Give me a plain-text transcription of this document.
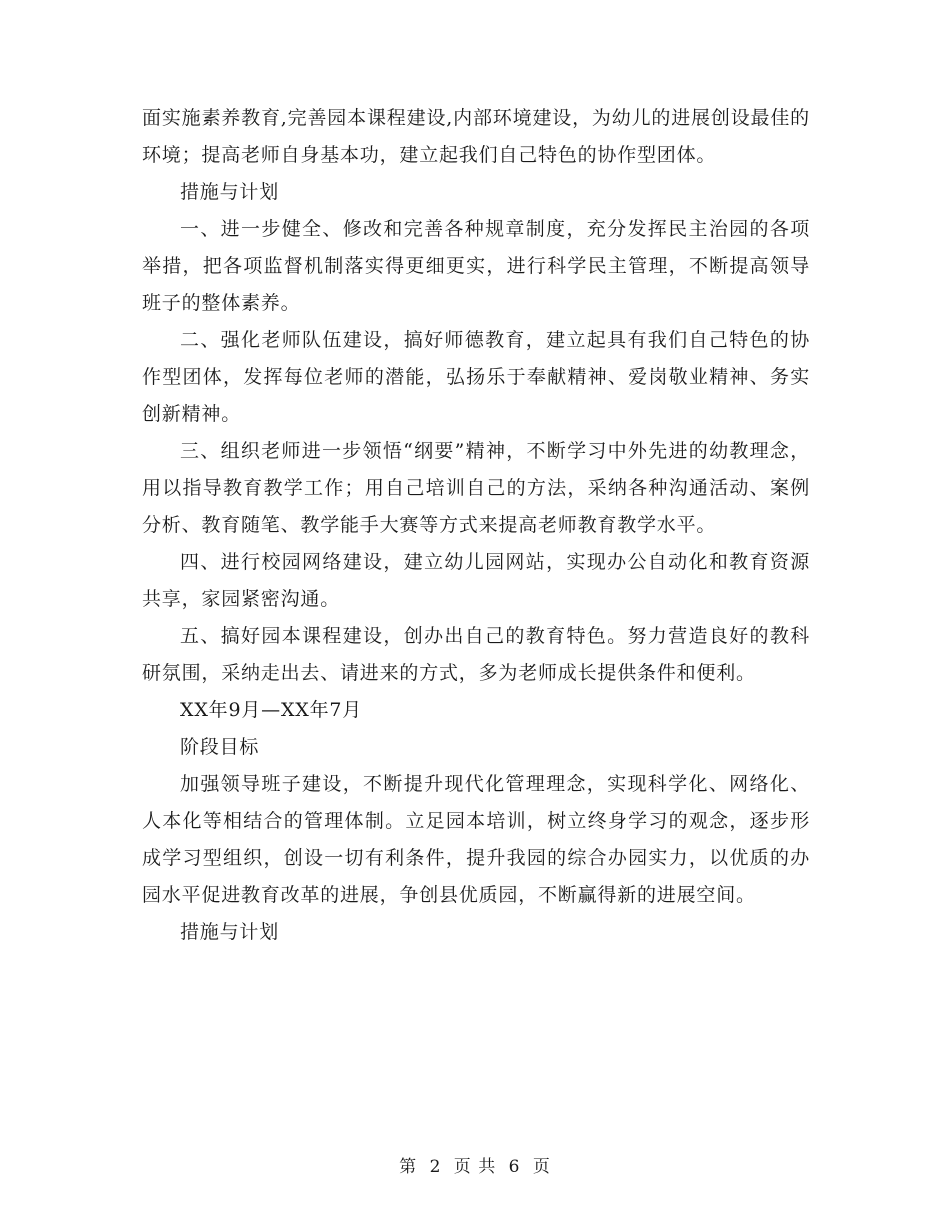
面实施素养教育,完善园本课程建设,内部环境建设，为幼儿的进展创设最佳的环境；提高老师自身基本功，建立起我们自己特色的协作型团体。

措施与计划

一、进一步健全、修改和完善各种规章制度，充分发挥民主治园的各项举措，把各项监督机制落实得更细更实，进行科学民主管理，不断提高领导班子的整体素养。

二、强化老师队伍建设，搞好师德教育，建立起具有我们自己特色的协作型团体，发挥每位老师的潜能，弘扬乐于奉献精神、爱岗敬业精神、务实创新精神。

三、组织老师进一步领悟“纲要”精神，不断学习中外先进的幼教理念，用以指导教育教学工作；用自己培训自己的方法，采纳各种沟通活动、案例分析、教育随笔、教学能手大赛等方式来提高老师教育教学水平。

四、进行校园网络建设，建立幼儿园网站，实现办公自动化和教育资源共享，家园紧密沟通。

五、搞好园本课程建设，创办出自己的教育特色。努力营造良好的教科研氛围，采纳走出去、请进来的方式，多为老师成长提供条件和便利。

XX年9月—XX年7月

阶段目标

加强领导班子建设，不断提升现代化管理理念，实现科学化、网络化、人本化等相结合的管理体制。立足园本培训，树立终身学习的观念，逐步形成学习型组织，创设一切有利条件，提升我园的综合办园实力，以优质的办园水平促进教育改革的进展，争创县优质园，不断赢得新的进展空间。

措施与计划

第 2 页 共 6 页
